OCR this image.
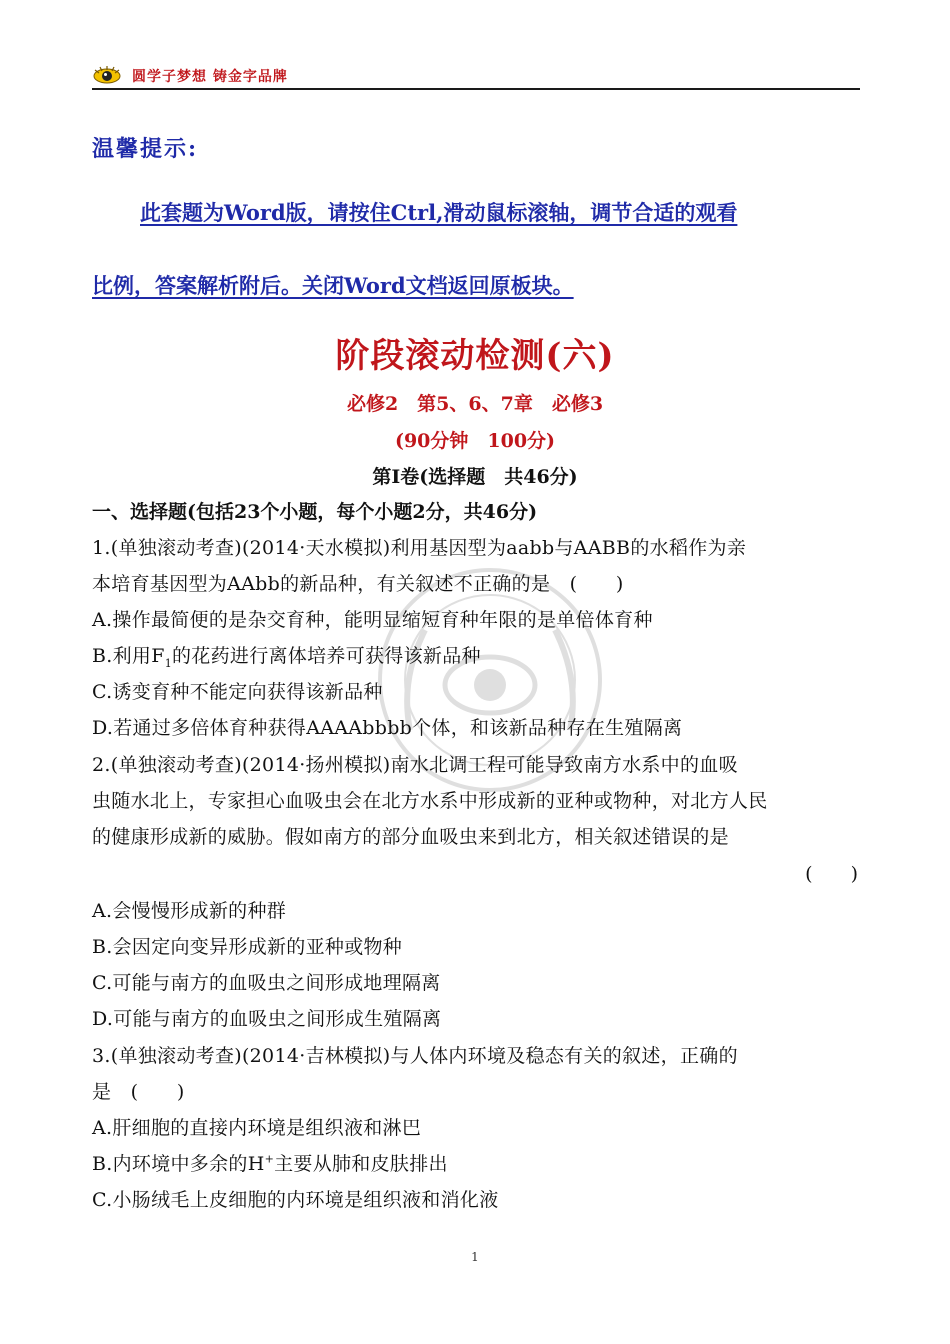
圆学子梦想 铸金字品牌
温馨提示:
此套题为Word版，请按住Ctrl,滑动鼠标滚轴，调节合适的观看
比例，答案解析附后。关闭Word文档返回原板块。
阶段滚动检测(六)
必修2　第5、6、7章　必修3
(90分钟　100分)
第Ⅰ卷(选择题　共46分)
一、选择题(包括23个小题，每个小题2分，共46分)
1.(单独滚动考查)(2014·天水模拟)利用基因型为aabb与AABB的水稻作为亲
本培育基因型为AAbb的新品种，有关叙述不正确的是　(　　)
A.操作最简便的是杂交育种，能明显缩短育种年限的是单倍体育种
B.利用$F_1$的花药进行离体培养可获得该新品种
C.诱变育种不能定向获得该新品种
D.若通过多倍体育种获得AAAAbbbb个体，和该新品种存在生殖隔离
2.(单独滚动考查)(2014·扬州模拟)南水北调工程可能导致南方水系中的血吸
虫随水北上，专家担心血吸虫会在北方水系中形成新的亚种或物种，对北方人民
的健康形成新的威胁。假如南方的部分血吸虫来到北方，相关叙述错误的是
(　　)
A.会慢慢形成新的种群
B.会因定向变异形成新的亚种或物种
C.可能与南方的血吸虫之间形成地理隔离
D.可能与南方的血吸虫之间形成生殖隔离
3.(单独滚动考查)(2014·吉林模拟)与人体内环境及稳态有关的叙述，正确的
是　(　　)
A.肝细胞的直接内环境是组织液和淋巴
B.内环境中多余的H+主要从肺和皮肤排出
C.小肠绒毛上皮细胞的内环境是组织液和消化液
1
